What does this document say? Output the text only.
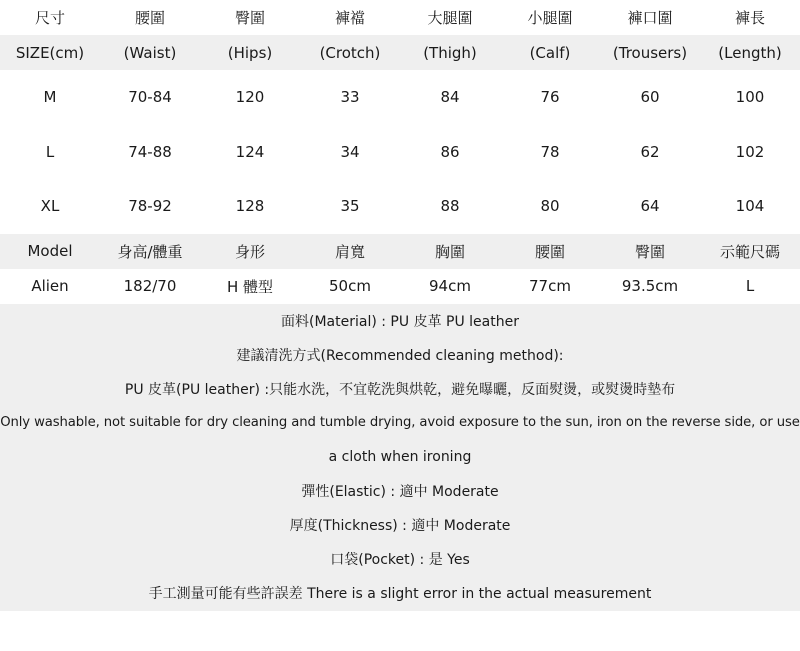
尺寸	腰圍	臀圍	褲襠	大腿圍	小腿圍	褲口圍	褲長
SIZE(cm)	(Waist)	(Hips)	(Crotch)	(Thigh)	(Calf)	(Trousers)	(Length)
M	70-84	120	33	84	76	60	100
L	74-88	124	34	86	78	62	102
XL	78-92	128	35	88	80	64	104
Model	身高/體重	身形	肩寬	胸圍	腰圍	臀圍	示範尺碼
Alien	182/70	H 體型	50cm	94cm	77cm	93.5cm	L
面料(Material) : PU 皮革 PU leather
建議清洗方式(Recommended cleaning method):
PU 皮革(PU leather) :只能水洗，不宜乾洗與烘乾，避免曝曬，反面熨燙，或熨燙時墊布
Only washable, not suitable for dry cleaning and tumble drying, avoid exposure to the sun, iron on the reverse side, or use
a cloth when ironing
彈性(Elastic) : 適中 Moderate
厚度(Thickness) : 適中 Moderate
口袋(Pocket) : 是 Yes
手工測量可能有些許誤差 There is a slight error in the actual measurement
